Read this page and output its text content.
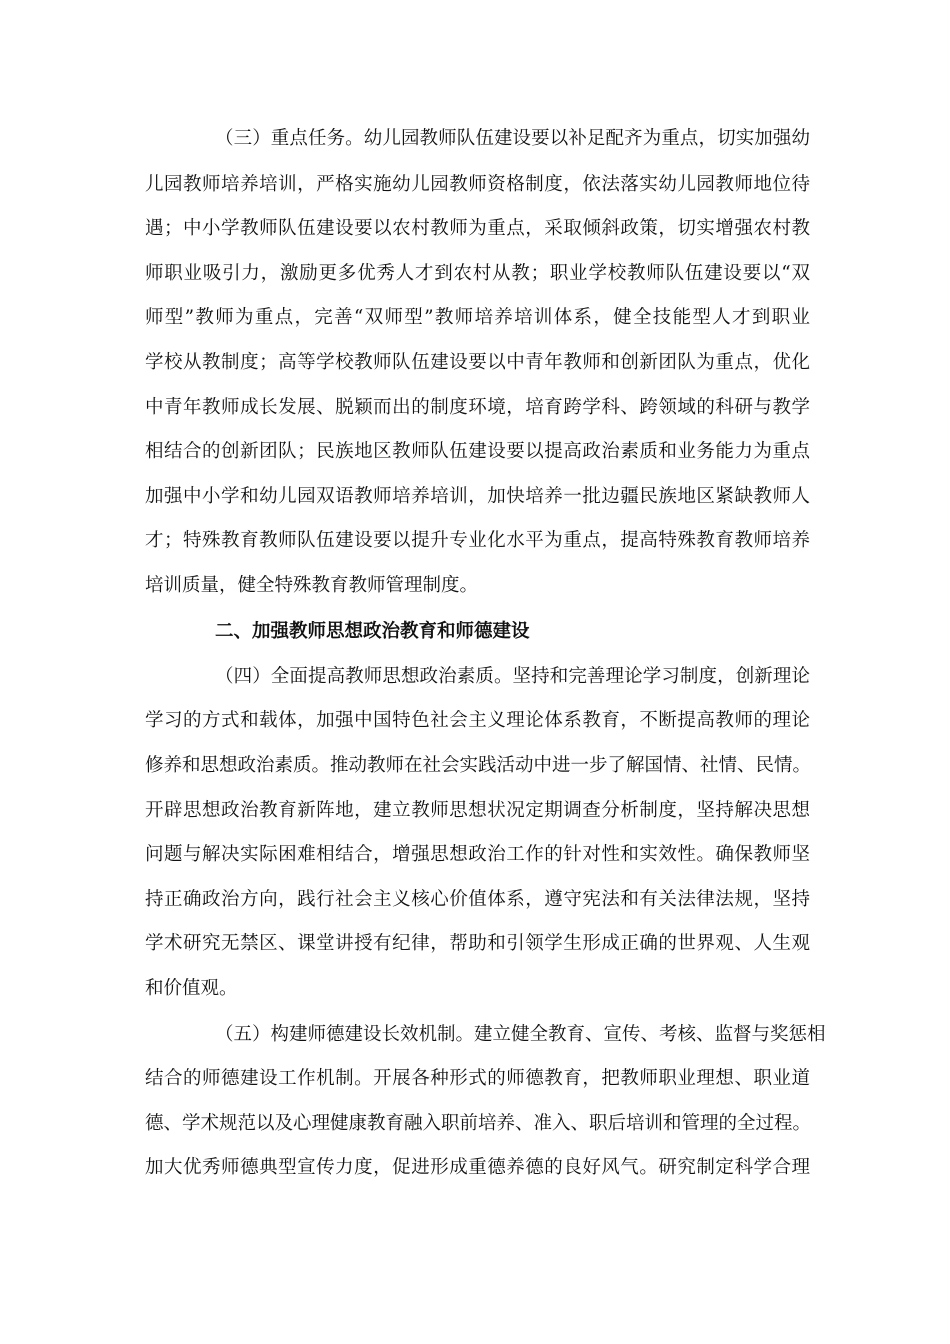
（三）重点任务。幼儿园教师队伍建设要以补足配齐为重点，切实加强幼
儿园教师培养培训，严格实施幼儿园教师资格制度，依法落实幼儿园教师地位待
遇；中小学教师队伍建设要以农村教师为重点，采取倾斜政策，切实增强农村教
师职业吸引力，激励更多优秀人才到农村从教；职业学校教师队伍建设要以“双
师型”教师为重点，完善“双师型”教师培养培训体系，健全技能型人才到职业
学校从教制度；高等学校教师队伍建设要以中青年教师和创新团队为重点，优化
中青年教师成长发展、脱颖而出的制度环境，培育跨学科、跨领域的科研与教学
相结合的创新团队；民族地区教师队伍建设要以提高政治素质和业务能力为重点
加强中小学和幼儿园双语教师培养培训，加快培养一批边疆民族地区紧缺教师人
才；特殊教育教师队伍建设要以提升专业化水平为重点，提高特殊教育教师培养
培训质量，健全特殊教育教师管理制度。
二、加强教师思想政治教育和师德建设
（四）全面提高教师思想政治素质。坚持和完善理论学习制度，创新理论
学习的方式和载体，加强中国特色社会主义理论体系教育，不断提高教师的理论
修养和思想政治素质。推动教师在社会实践活动中进一步了解国情、社情、民情。
开辟思想政治教育新阵地，建立教师思想状况定期调查分析制度，坚持解决思想
问题与解决实际困难相结合，增强思想政治工作的针对性和实效性。确保教师坚
持正确政治方向，践行社会主义核心价值体系，遵守宪法和有关法律法规，坚持
学术研究无禁区、课堂讲授有纪律，帮助和引领学生形成正确的世界观、人生观
和价值观。
（五）构建师德建设长效机制。建立健全教育、宣传、考核、监督与奖惩相
结合的师德建设工作机制。开展各种形式的师德教育，把教师职业理想、职业道
德、学术规范以及心理健康教育融入职前培养、准入、职后培训和管理的全过程。
加大优秀师德典型宣传力度，促进形成重德养德的良好风气。研究制定科学合理
